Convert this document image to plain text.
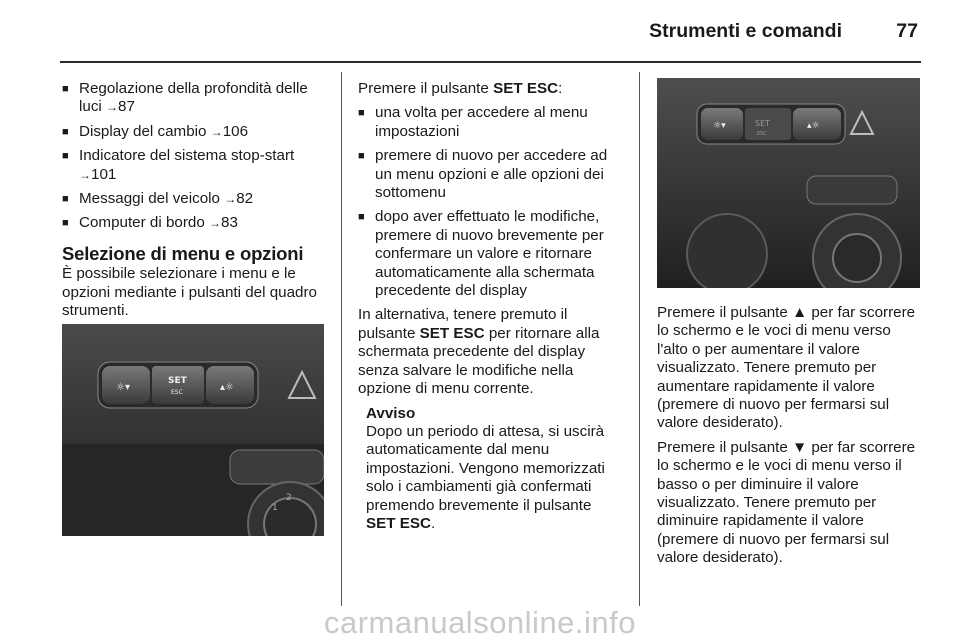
Strumenti e comandi	77
■ Regolazione della profondità delle luci → 87
■ Display del cambio → 106
■ Indicatore del sistema stop-start → 101
■ Messaggi del veicolo → 82
■ Computer di bordo → 83
Selezione di menu e opzioni

È possibile selezionare i menu e le opzioni mediante i pulsanti del quadro strumenti.

☼▾
SET
ESC	▴☼
1
2

Premere il pulsante SET ESC:

■ una volta per accedere al menu impostazioni
■ premere di nuovo per accedere ad un menu opzioni e alle opzioni dei sottomenu
■ dopo aver effettuato le modifiche, premere di nuovo brevemente per confermare un valore e ritornare automaticamente alla schermata precedente del display

In alternativa, tenere premuto il pulsante SET ESC per ritornare alla schermata precedente del display senza salvare le modifiche nella opzione di menu corrente.

Avviso
Dopo un periodo di attesa, si uscirà automaticamente dal menu impostazioni. Vengono memorizzati solo i cambiamenti già confermati premendo brevemente il pulsante SET ESC.
☼▾	SET
ESC
▴☼

Premere il pulsante ▲ per far scorrere lo schermo e le voci di menu verso l'alto o per aumentare il valore visualizzato. Tenere premuto per aumentare rapidamente il valore (premere di nuovo per fermarsi sul valore desiderato).

Premere il pulsante ▼ per far scorrere lo schermo e le voci di menu verso il basso o per diminuire il valore visualizzato. Tenere premuto per diminuire rapidamente il valore (premere di nuovo per fermarsi sul valore desiderato).

carmanualsonline.info
